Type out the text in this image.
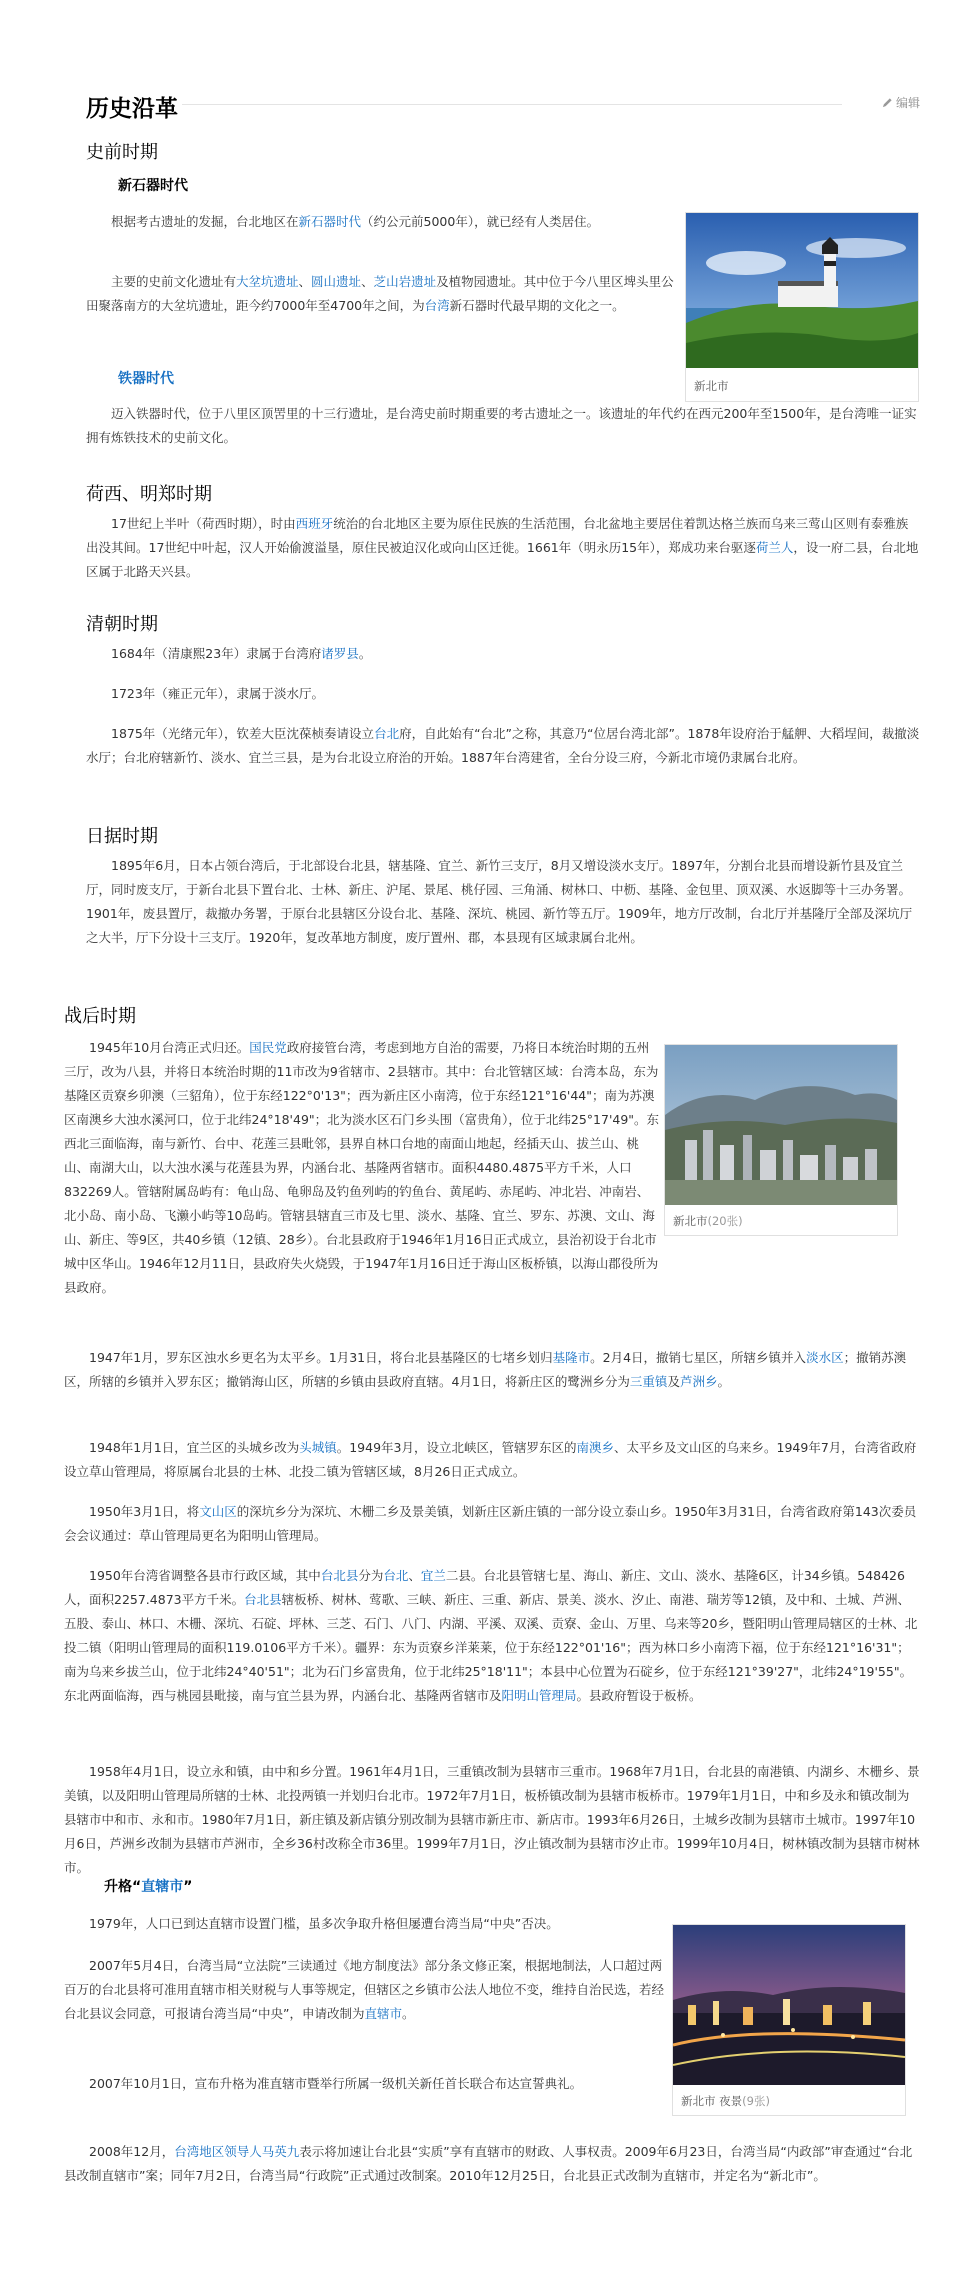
历史沿革	编辑
史前时期
新石器时代

根据考古遗址的发掘，台北地区在新石器时代（约公元前5000年），就已经有人类居住。

主要的史前文化遗址有大坌坑遗址、圆山遗址、芝山岩遗址及植物园遗址。其中位于今八里区埤头里公田聚落南方的大坌坑遗址，距今约7000年至4700年之间，为台湾新石器时代最早期的文化之一。

铁器时代

迈入铁器时代，位于八里区顶罟里的十三行遗址，是台湾史前时期重要的考古遗址之一。该遗址的年代约在西元200年至1500年，是台湾唯一证实拥有炼铁技术的史前文化。

新北市
荷西、明郑时期

17世纪上半叶（荷西时期），时由西班牙统治的台北地区主要为原住民族的生活范围，台北盆地主要居住着凯达格兰族而乌来三莺山区则有泰雅族出没其间。17世纪中叶起，汉人开始偷渡溢垦，原住民被迫汉化或向山区迁徙。1661年（明永历15年），郑成功来台驱逐荷兰人，设一府二县，台北地区属于北路天兴县。

清朝时期

1684年（清康熙23年）隶属于台湾府诸罗县。

1723年（雍正元年），隶属于淡水厅。

1875年（光绪元年），钦差大臣沈葆桢奏请设立台北府，自此始有“台北”之称，其意乃“位居台湾北部”。1878年设府治于艋舺、大稻埕间，裁撤淡水厅；台北府辖新竹、淡水、宜兰三县，是为台北设立府治的开始。1887年台湾建省，全台分设三府，今新北市境仍隶属台北府。

日据时期

1895年6月，日本占领台湾后，于北部设台北县，辖基隆、宜兰、新竹三支厅，8月又增设淡水支厅。1897年，分割台北县而增设新竹县及宜兰厅，同时废支厅，于新台北县下置台北、士林、新庄、沪尾、景尾、桃仔园、三角涌、树林口、中枥、基隆、金包里、顶双溪、水返脚等十三办务署。1901年，废县置厅，裁撤办务署，于原台北县辖区分设台北、基隆、深坑、桃园、新竹等五厅。1909年，地方厅改制，台北厅并基隆厅全部及深坑厅之大半，厅下分设十三支厅。1920年，复改革地方制度，废厅置州、郡，本县现有区域隶属台北州。

战后时期

1945年10月台湾正式归还。国民党政府接管台湾，考虑到地方自治的需要，乃将日本统治时期的五州三厅，改为八县，并将日本统治时期的11市改为9省辖市、2县辖市。其中：台北管辖区域：台湾本岛，东为基隆区贡寮乡卯澳（三貂角），位于东经122°0'13"；西为新庄区小南湾，位于东经121°16'44"；南为苏澳区南澳乡大浊水溪河口，位于北纬24°18'49"；北为淡水区石门乡头围（富贵角），位于北纬25°17'49"。东西北三面临海，南与新竹、台中、花莲三县毗邻，县界自林口台地的南面山地起，经插天山、拔兰山、桃山、南湖大山，以大浊水溪与花莲县为界，内涵台北、基隆两省辖市。面积4480.4875平方千米，人口832269人。管辖附属岛屿有：龟山岛、龟卵岛及钓鱼列屿的钓鱼台、黄尾屿、赤尾屿、冲北岩、冲南岩、北小岛、南小岛、飞濑小屿等10岛屿。管辖县辖直三市及七里、淡水、基隆、宜兰、罗东、苏澳、文山、海山、新庄、等9区，共40乡镇（12镇、28乡）。台北县政府于1946年1月16日正式成立，县治初设于台北市城中区华山。1946年12月11日，县政府失火烧毁，于1947年1月16日迁于海山区板桥镇，以海山郡役所为县政府。

新北市(20张)

1947年1月，罗东区浊水乡更名为太平乡。1月31日，将台北县基隆区的七堵乡划归基隆市。2月4日，撤销七星区，所辖乡镇并入淡水区；撤销苏澳区，所辖的乡镇并入罗东区；撤销海山区，所辖的乡镇由县政府直辖。4月1日，将新庄区的鹭洲乡分为三重镇及芦洲乡。

1948年1月1日，宜兰区的头城乡改为头城镇。1949年3月，设立北峡区，管辖罗东区的南澳乡、太平乡及文山区的乌来乡。1949年7月，台湾省政府设立草山管理局，将原属台北县的士林、北投二镇为管辖区域，8月26日正式成立。

1950年3月1日，将文山区的深坑乡分为深坑、木栅二乡及景美镇，划新庄区新庄镇的一部分设立泰山乡。1950年3月31日，台湾省政府第143次委员会会议通过：草山管理局更名为阳明山管理局。

1950年台湾省调整各县市行政区域，其中台北县分为台北、宜兰二县。台北县管辖七星、海山、新庄、文山、淡水、基隆6区，计34乡镇。548426人，面积2257.4873平方千米。台北县辖板桥、树林、莺歌、三峡、新庄、三重、新店、景美、淡水、汐止、南港、瑞芳等12镇，及中和、土城、芦洲、五股、泰山、林口、木栅、深坑、石碇、坪林、三芝、石门、八门、内湖、平溪、双溪、贡寮、金山、万里、乌来等20乡，暨阳明山管理局辖区的士林、北投二镇（阳明山管理局的面积119.0106平方千米）。疆界：东为贡寮乡洋莱莱，位于东经122°01'16"；西为林口乡小南湾下福，位于东经121°16'31"；南为乌来乡拔兰山，位于北纬24°40'51"；北为石门乡富贵角，位于北纬25°18'11"；本县中心位置为石碇乡，位于东经121°39'27"，北纬24°19'55"。东北两面临海，西与桃园县毗接，南与宜兰县为界，内涵台北、基隆两省辖市及阳明山管理局。县政府暂设于板桥。

1958年4月1日，设立永和镇，由中和乡分置。1961年4月1日，三重镇改制为县辖市三重市。1968年7月1日，台北县的南港镇、内湖乡、木栅乡、景美镇，以及阳明山管理局所辖的士林、北投两镇一并划归台北市。1972年7月1日，板桥镇改制为县辖市板桥市。1979年1月1日，中和乡及永和镇改制为县辖市中和市、永和市。1980年7月1日，新庄镇及新店镇分别改制为县辖市新庄市、新店市。1993年6月26日，土城乡改制为县辖市土城市。1997年10月6日，芦洲乡改制为县辖市芦洲市，全乡36村改称全市36里。1999年7月1日，汐止镇改制为县辖市汐止市。1999年10月4日，树林镇改制为县辖市树林市。

升格“直辖市”

1979年，人口已到达直辖市设置门槛，虽多次争取升格但屡遭台湾当局“中央”否决。

2007年5月4日，台湾当局“立法院”三读通过《地方制度法》部分条文修正案，根据地制法，人口超过两百万的台北县将可准用直辖市相关财税与人事等规定，但辖区之乡镇市公法人地位不变，维持自治民选，若经台北县议会同意，可报请台湾当局“中央”，申请改制为直辖市。

2007年10月1日，宣布升格为准直辖市暨举行所属一级机关新任首长联合布达宣誓典礼。

新北市 夜景(9张)

2008年12月，台湾地区领导人马英九表示将加速让台北县“实质”享有直辖市的财政、人事权责。2009年6月23日，台湾当局“内政部”审查通过“台北县改制直辖市”案；同年7月2日，台湾当局“行政院”正式通过改制案。2010年12月25日，台北县正式改制为直辖市，并定名为“新北市”。
